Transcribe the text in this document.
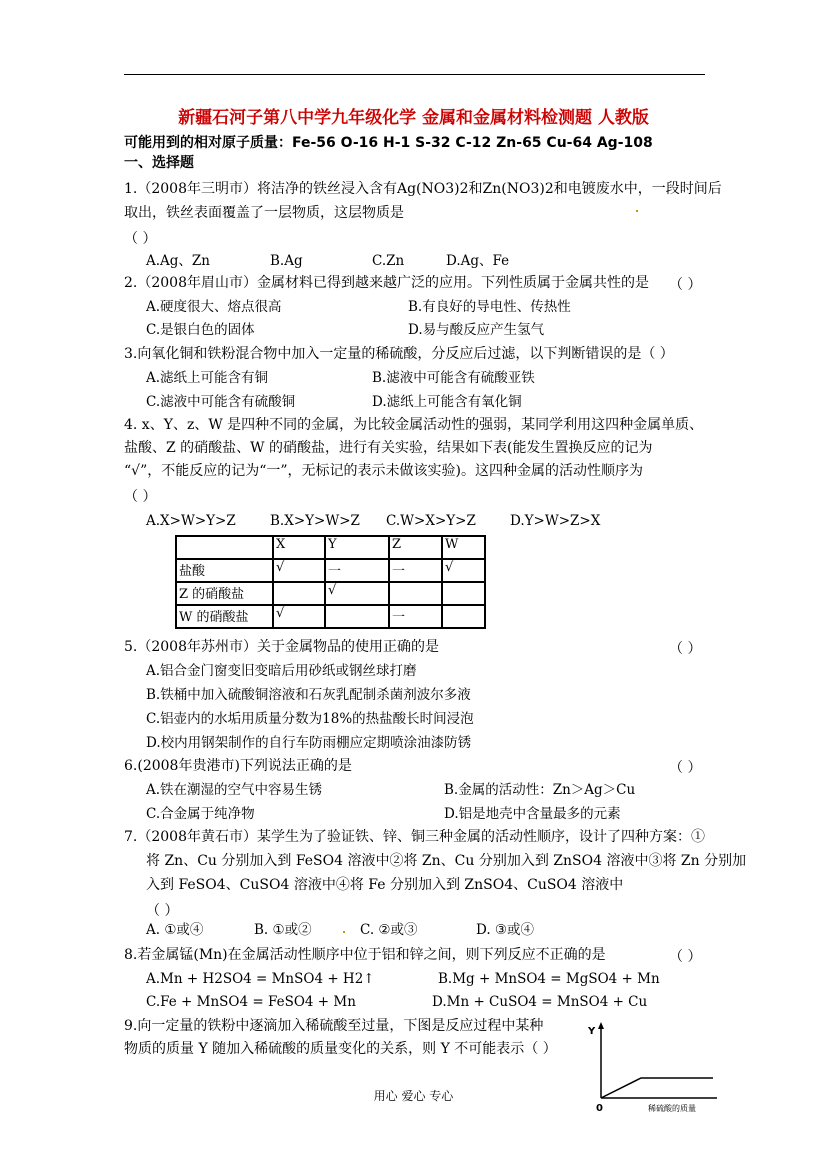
新疆石河子第八中学九年级化学 金属和金属材料检测题 人教版
可能用到的相对原子质量：Fe-56 O-16 H-1 S-32 C-12 Zn-65 Cu-64 Ag-108
一、选择题
1.（2008年三明市）将洁净的铁丝浸入含有Ag(NO3)2和Zn(NO3)2和电镀废水中，一段时间后
取出，铁丝表面覆盖了一层物质，这层物质是
（ ）
A.Ag、Zn	B.Ag	C.Zn	D.Ag、Fe
2.（2008年眉山市）金属材料已得到越来越广泛的应用。下列性质属于金属共性的是 （ ）
A.硬度很大、熔点很高	B.有良好的导电性、传热性
C.是银白色的固体	D.易与酸反应产生氢气
3.向氧化铜和铁粉混合物中加入一定量的稀硫酸，分反应后过滤，以下判断错误的是（ ）
A.滤纸上可能含有铜	B.滤液中可能含有硫酸亚铁
C.滤液中可能含有硫酸铜	D.滤纸上可能含有氧化铜
4. x、Y、z、W 是四种不同的金属，为比较金属活动性的强弱，某同学利用这四种金属单质、
盐酸、Z 的硝酸盐、W 的硝酸盐，进行有关实验，结果如下表(能发生置换反应的记为
“√”，不能反应的记为“一”，无标记的表示未做该实验)。这四种金属的活动性顺序为
（ ）
A.X>W>Y>Z	B.X>Y>W>Z C.W>X>Y>Z	D.Y>W>Z>X
	X	Y	Z	W
盐酸	√	一	一	√
Z 的硝酸盐		√		
W 的硝酸盐	√		一	
5.（2008年苏州市）关于金属物品的使用正确的是	（ ）
A.铝合金门窗变旧变暗后用砂纸或钢丝球打磨
B.铁桶中加入硫酸铜溶液和石灰乳配制杀菌剂波尔多液
C.铝壶内的水垢用质量分数为18%的热盐酸长时间浸泡
D.校内用钢架制作的自行车防雨棚应定期喷涂油漆防锈
6.(2008年贵港市)下列说法正确的是	（ ）
A.铁在潮湿的空气中容易生锈	B.金属的活动性：Zn＞Ag＞Cu
C.合金属于纯净物	D.铝是地壳中含量最多的元素
7.（2008年黄石市）某学生为了验证铁、锌、铜三种金属的活动性顺序，设计了四种方案：①
将 Zn、Cu 分别加入到 FeSO4 溶液中②将 Zn、Cu 分别加入到 ZnSO4 溶液中③将 Zn 分别加
入到 FeSO4、CuSO4 溶液中④将 Fe 分别加入到 ZnSO4、CuSO4 溶液中
（ ）
A. ①或④	B. ①或②	C. ②或③	D. ③或④
8.若金属锰(Mn)在金属活动性顺序中位于铝和锌之间，则下列反应不正确的是	（ ）
A.Mn + H2SO4 = MnSO4 + H2↑	B.Mg + MnSO4 = MgSO4 + Mn
C.Fe + MnSO4 = FeSO4 + Mn	D.Mn + CuSO4 = MnSO4 + Cu
9.向一定量的铁粉中逐滴加入稀硫酸至过量，下图是反应过程中某种
物质的质量 Y 随加入稀硫酸的质量变化的关系，则 Y 不可能表示（ ）
Y
0	稀硫酸的质量
用心 爱心 专心
